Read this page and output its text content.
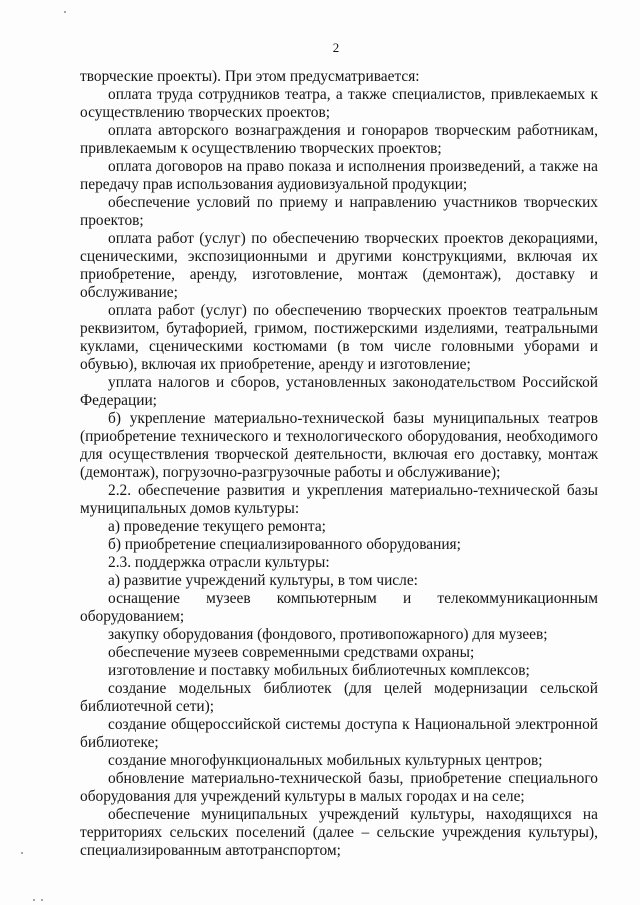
2

творческие проекты). При этом предусматривается:

оплата труда сотрудников театра, а также специалистов, привлекаемых к осуществлению творческих проектов;

оплата авторского вознаграждения и гонораров творческим работникам, привлекаемым к осуществлению творческих проектов;

оплата договоров на право показа и исполнения произведений, а также на передачу прав использования аудиовизуальной продукции;

обеспечение условий по приему и направлению участников творческих проектов;

оплата работ (услуг) по обеспечению творческих проектов декорациями, сценическими, экспозиционными и другими конструкциями, включая их приобретение, аренду, изготовление, монтаж (демонтаж), доставку и обслуживание;

оплата работ (услуг) по обеспечению творческих проектов театральным реквизитом, бутафорией, гримом, постижерскими изделиями, театральными куклами, сценическими костюмами (в том числе головными уборами и обувью), включая их приобретение, аренду и изготовление;

уплата налогов и сборов, установленных законодательством Российской Федерации;

б) укрепление материально-технической базы муниципальных театров (приобретение технического и технологического оборудования, необходимого для осуществления творческой деятельности, включая его доставку, монтаж (демонтаж), погрузочно-разгрузочные работы и обслуживание);

2.2. обеспечение развития и укрепления материально-технической базы муниципальных домов культуры:

а) проведение текущего ремонта;

б) приобретение специализированного оборудования;

2.3. поддержка отрасли культуры:

а) развитие учреждений культуры, в том числе:

оснащение музеев компьютерным и телекоммуникационным оборудованием;

закупку оборудования (фондового, противопожарного) для музеев;

обеспечение музеев современными средствами охраны;

изготовление и поставку мобильных библиотечных комплексов;

создание модельных библиотек (для целей модернизации сельской библиотечной сети);

создание общероссийской системы доступа к Национальной электронной библиотеке;

создание многофункциональных мобильных культурных центров;

обновление материально-технической базы, приобретение специального оборудования для учреждений культуры в малых городах и на селе;

обеспечение муниципальных учреждений культуры, находящихся на территориях сельских поселений (далее – сельские учреждения культуры), специализированным автотранспортом;
